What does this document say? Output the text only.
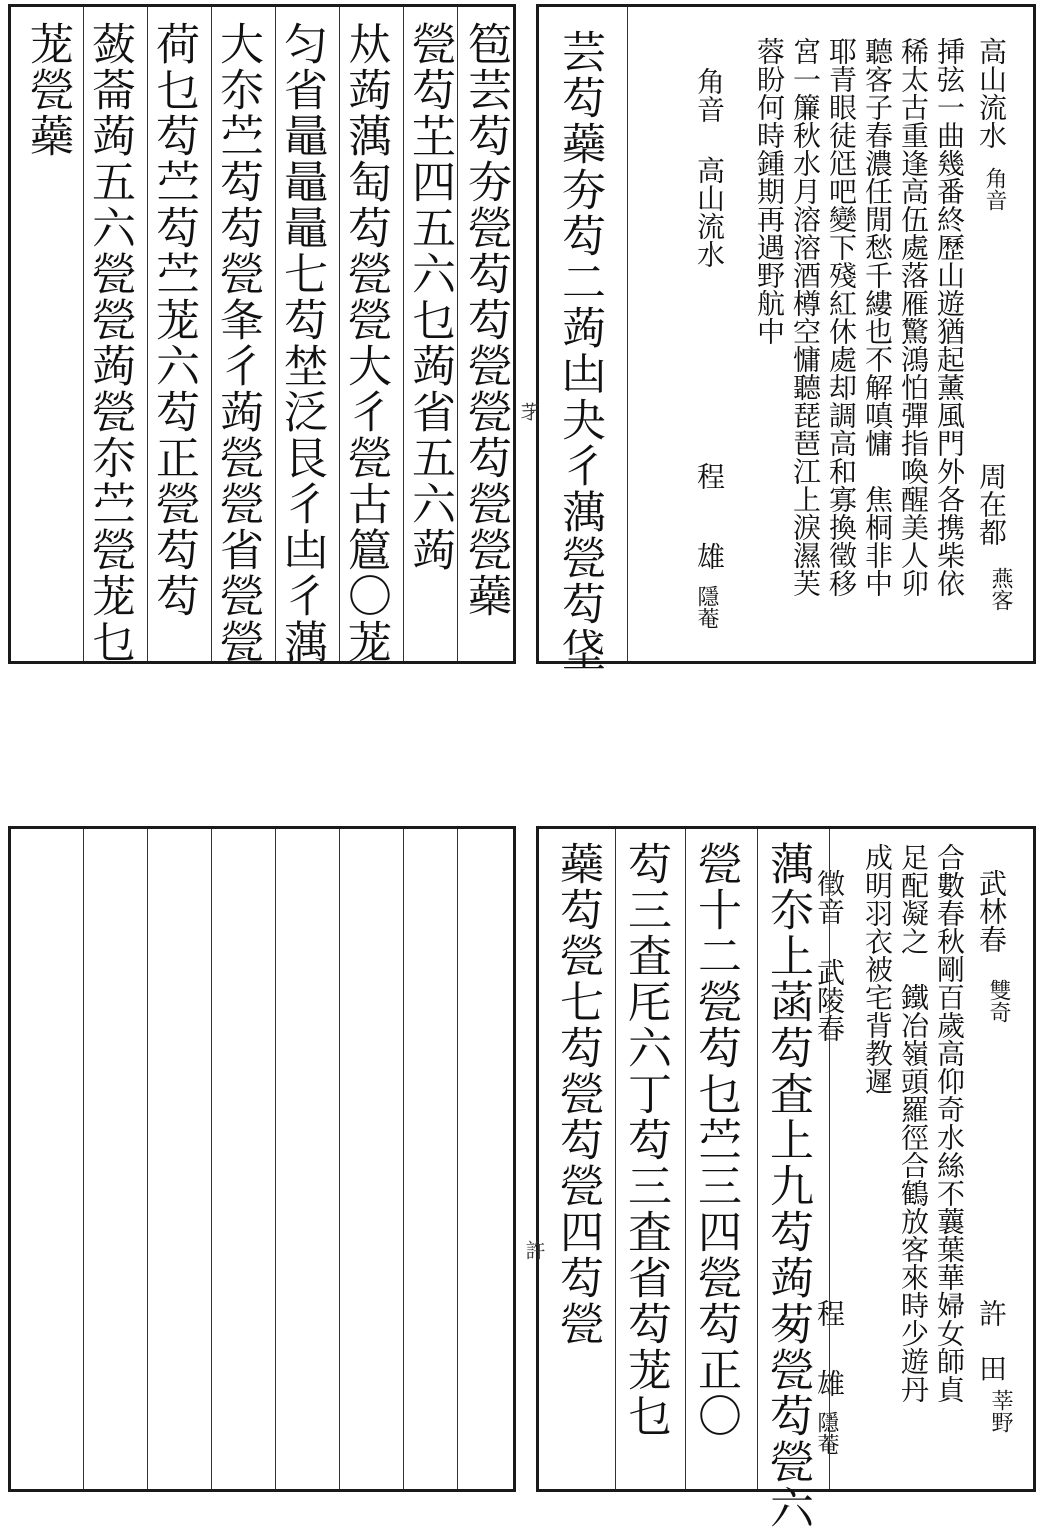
高山流水
角音
周在都
燕客
挿弦一曲幾番終歷山遊猶起薰風門外各携柴依
稀太古重逢高伍處落雁驚鴻怕彈指喚醒美人卯
聽客子春濃任閒愁千縷也不解嗔慵　焦桐非中
耶青眼徒尩吧變下殘紅休處却調高和寡換徵移
宮一簾秋水月溶溶酒樽空慵聽琵琶江上淚濕芙
蓉盼何時鍾期再遇野航中
角音 高山流水
程
雄
隱菴
芸芶蘃夯芶二蒟凷夬彳蕅甇芶垡
笣芸芶夯甇芶芶甇甇芶甇甇蘃
甇芶芏四五六乜蒟省五六蒟
夶蒟蕅匋芶甇甇大彳甇古簄〇茏
匀省鼂鼂鼂七芶埜泛艮彳凷彳蕅
大夵苎芶芶甇夆彳蒟甇甇省甇甇
荷乜芶苎芶苎茏六芶正甇芶芶
蔹菕蒟五六甇甇蒟甇夵苎甇茏乜
茏甇蘃
𦬁
武林春
雙奇
許
田
莘野
合數春秋剛百歲高仰奇水絲不蘘葉華婦女師貞
足配凝之　鐵冶嶺頭羅徑合鶴放客來時少遊丹
成明羽衣被宅背教遲
徵音 武陵春
程
雄
隱菴
蕅夵上菡芶査上九芶蒟茐甇芶甇六
甇十二甇芶乜苎三四甇芶正〇
芶三査厇六丁芶三査省芶茏乜
蘃芶甇七芶甇芶甇四芶甇
許
